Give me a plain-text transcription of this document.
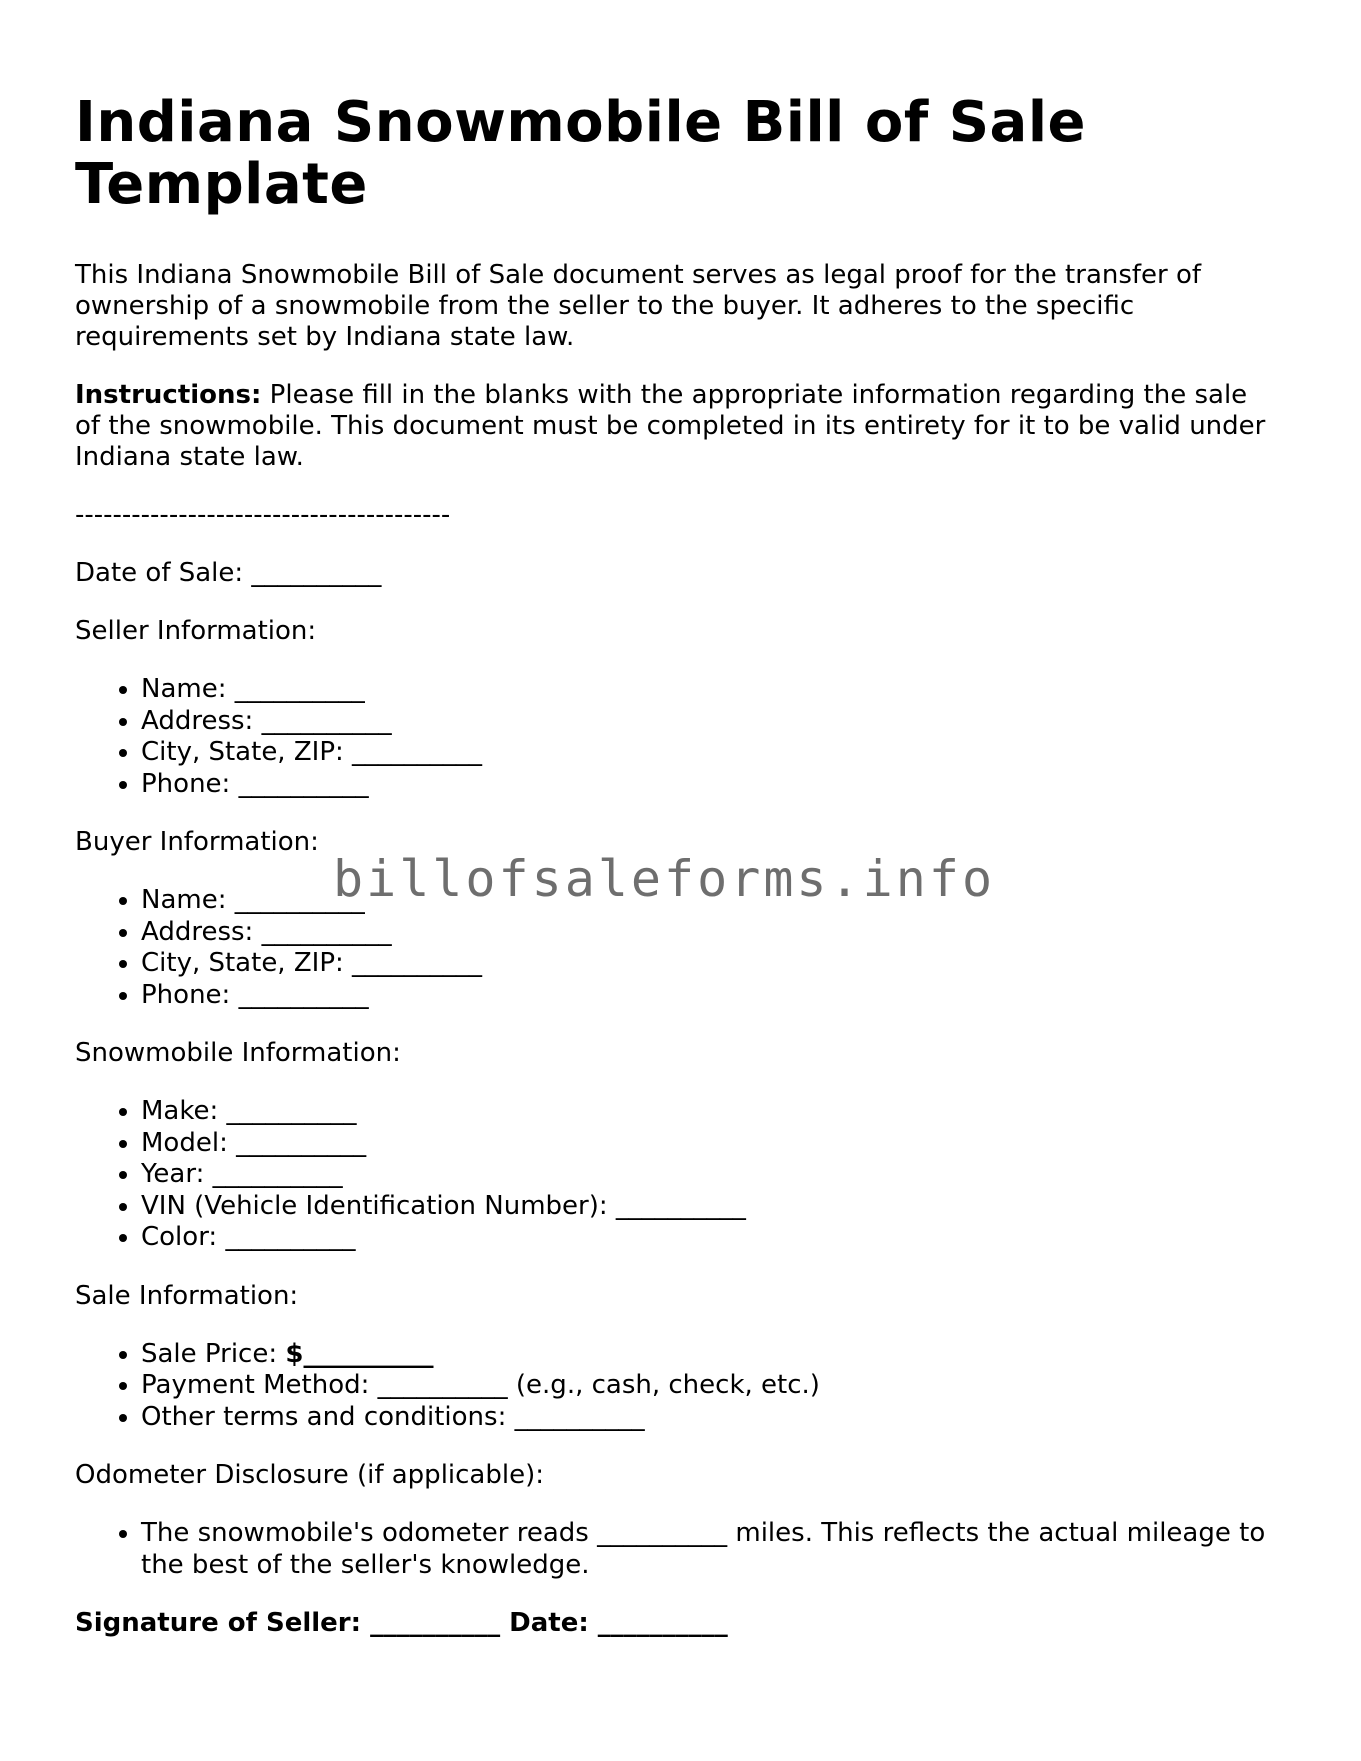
Indiana Snowmobile Bill of Sale Template

This Indiana Snowmobile Bill of Sale document serves as legal proof for the transfer of ownership of a snowmobile from the seller to the buyer. It adheres to the specific requirements set by Indiana state law.

Instructions: Please fill in the blanks with the appropriate information regarding the sale of the snowmobile. This document must be completed in its entirety for it to be valid under Indiana state law.

----------------------------------------

Date of Sale: __________

Seller Information:

• Name: __________
• Address: __________
• City, State, ZIP: __________
• Phone: __________

Buyer Information:

• Name: __________
• Address: __________
• City, State, ZIP: __________
• Phone: __________

Snowmobile Information:

• Make: __________
• Model: __________
• Year: __________
• VIN (Vehicle Identification Number): __________
• Color: __________

Sale Information:

• Sale Price: $__________
• Payment Method: __________ (e.g., cash, check, etc.)
• Other terms and conditions: __________

Odometer Disclosure (if applicable):

• The snowmobile's odometer reads __________ miles. This reflects the actual mileage to the best of the seller's knowledge.

Signature of Seller: __________ Date: __________

billofsaleforms.info
